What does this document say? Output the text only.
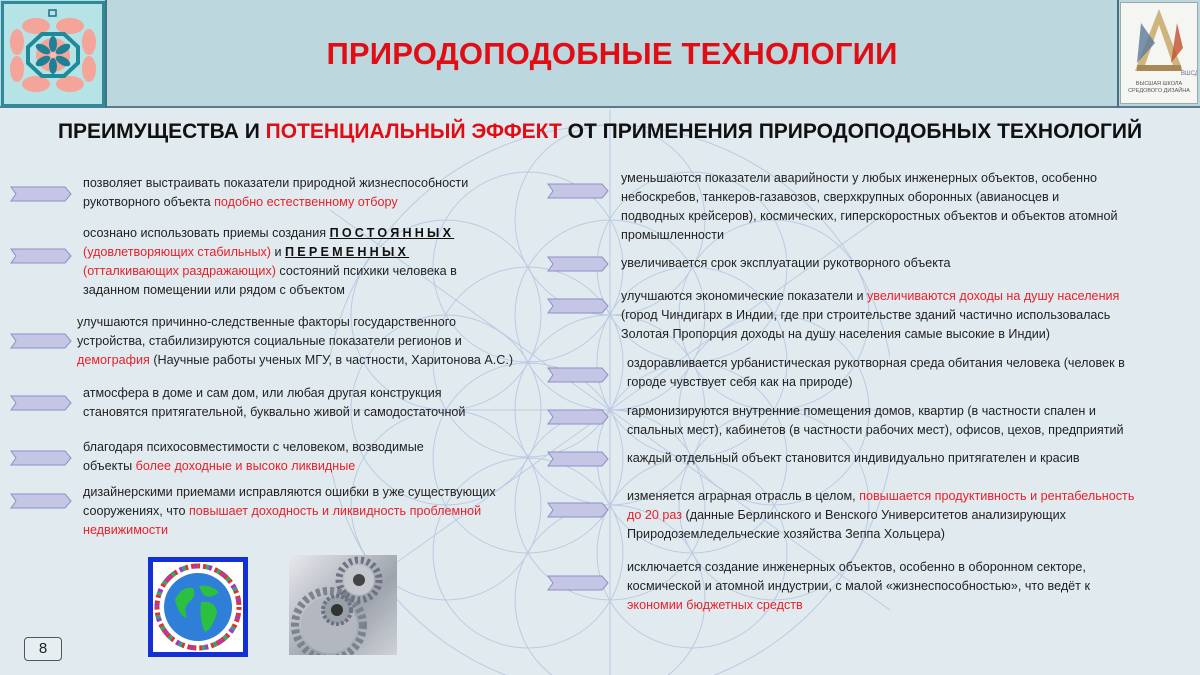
ПРИРОДОПОДОБНЫЕ ТЕХНОЛОГИИ
ВШСД
ВЫСШАЯ ШКОЛА
СРЕДОВОГО ДИЗАЙНА
ПРЕИМУЩЕСТВА И ПОТЕНЦИАЛЬНЫЙ ЭФФЕКТ ОТ ПРИМЕНЕНИЯ ПРИРОДОПОДОБНЫХ ТЕХНОЛОГИЙ
позволяет выстраивать показатели природной жизнеспособности
рукотворного объекта подобно естественному отбору
осознано использовать приемы создания ПОСТОЯННЫХ
(удовлетворяющих стабильных) и ПЕРЕМЕННЫХ
(отталкивающих раздражающих) состояний психики человека в
заданном помещении или рядом с объектом
улучшаются причинно-следственные факторы государственного
устройства, стабилизируются социальные показатели регионов и
демография (Научные работы ученых МГУ, в частности, Харитонова А.С.)
атмосфера в доме и сам дом, или любая другая конструкция
становятся притягательной, буквально живой и самодостаточной
благодаря психосовместимости с человеком, возводимые
объекты более доходные и высоко ликвидные
дизайнерскими приемами исправляются ошибки в уже существующих
сооружениях, что повышает доходность и ликвидность проблемной
недвижимости
уменьшаются показатели аварийности у любых инженерных объектов, особенно
небоскребов, танкеров-газавозов, сверхкрупных оборонных (авианосцев и
подводных крейсеров), космических, гиперскоростных объектов и объектов атомной
промышленности
увеличивается срок эксплуатации рукотворного объекта
улучшаются экономические показатели и увеличиваются доходы на душу населения
(город Чиндигарх в Индии, где при строительстве зданий частично использовалась
Золотая Пропорция доходы на душу населения самые высокие в Индии)
оздоравливается урбанистическая рукотворная среда обитания человека (человек в
городе чувствует себя как на природе)
гармонизируются внутренние помещения домов, квартир (в частности спален и
спальных мест), кабинетов (в частности рабочих мест), офисов, цехов, предприятий
каждый отдельный объект становится индивидуально притягателен и красив
изменяется аграрная отрасль в целом, повышается продуктивность и рентабельность
до 20 раз (данные Берлинского и Венского Университетов анализирующих
Природоземледельческие хозяйства Зеппа Хольцера)
исключается создание инженерных объектов, особенно в оборонном секторе,
космической и атомной индустрии, с малой «жизнеспособностью», что ведёт к
экономии бюджетных средств
8
